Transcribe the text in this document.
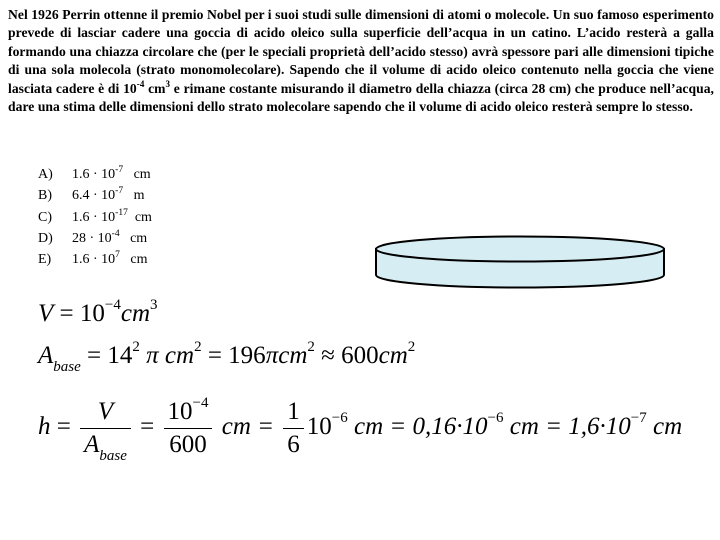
Nel 1926 Perrin ottenne il premio Nobel per i suoi studi sulle dimensioni di atomi o molecole. Un suo famoso esperimento prevede di lasciar cadere una goccia di acido oleico sulla superficie dell’acqua in un catino. L’acido resterà a galla formando una chiazza circolare che (per le speciali proprietà dell’acido stesso) avrà spessore pari alle dimensioni tipiche di una sola molecola (strato monomolecolare). Sapendo che il volume di acido oleico contenuto nella goccia che viene lasciata cadere è di $10^{-4}$ $cm^3$ e rimane costante misurando il diametro della chiazza (circa 28 cm) che produce nell’acqua, dare una stima delle dimensioni dello strato molecolare sapendo che il volume di acido oleico resterà sempre lo stesso.
A) $1.6 \cdot 10^{-7}$ cm
B) $6.4 \cdot 10^{-7}$ m
C) $1.6 \cdot 10^{-17}$ cm
D) $28 \cdot 10^{-4}$ cm
E) $1.6 \cdot 10^7$ cm
$V = 10^{-4}cm^3$
$A_{base} = 14^2$ π $cm^2 = 196\pi cm^2 \approx 600cm^2$
$h = \frac{V}{A_{base}} = \frac{10^{-4}}{600}$ cm = $\frac{1}{6} 10^{-6}$ cm = $0,16\cdot 10^{-6}$ cm = $1,6\cdot 10^{-7}$ cm
